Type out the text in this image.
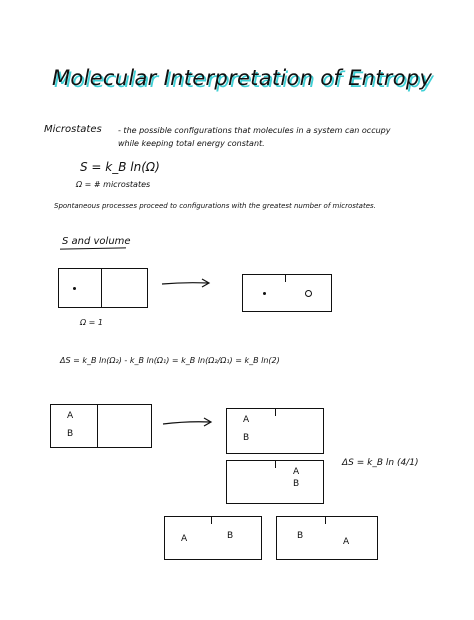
Molecular Interpretation of Entropy
Microstates - the possible configurations that molecules in a system can occupy
while keeping total energy constant.
S = k_B ln(Ω)
Ω = # microstates
Spontaneous processes proceed to configurations with the greatest number of microstates.
S and volume
Ω = 1
ΔS = k_B ln(Ω₂) - k_B ln(Ω₁) = k_B ln(Ω₂/Ω₁) = k_B ln(2)
A
B
A
B
A
B
ΔS = k_B ln (4/1)
A	B	B
A
